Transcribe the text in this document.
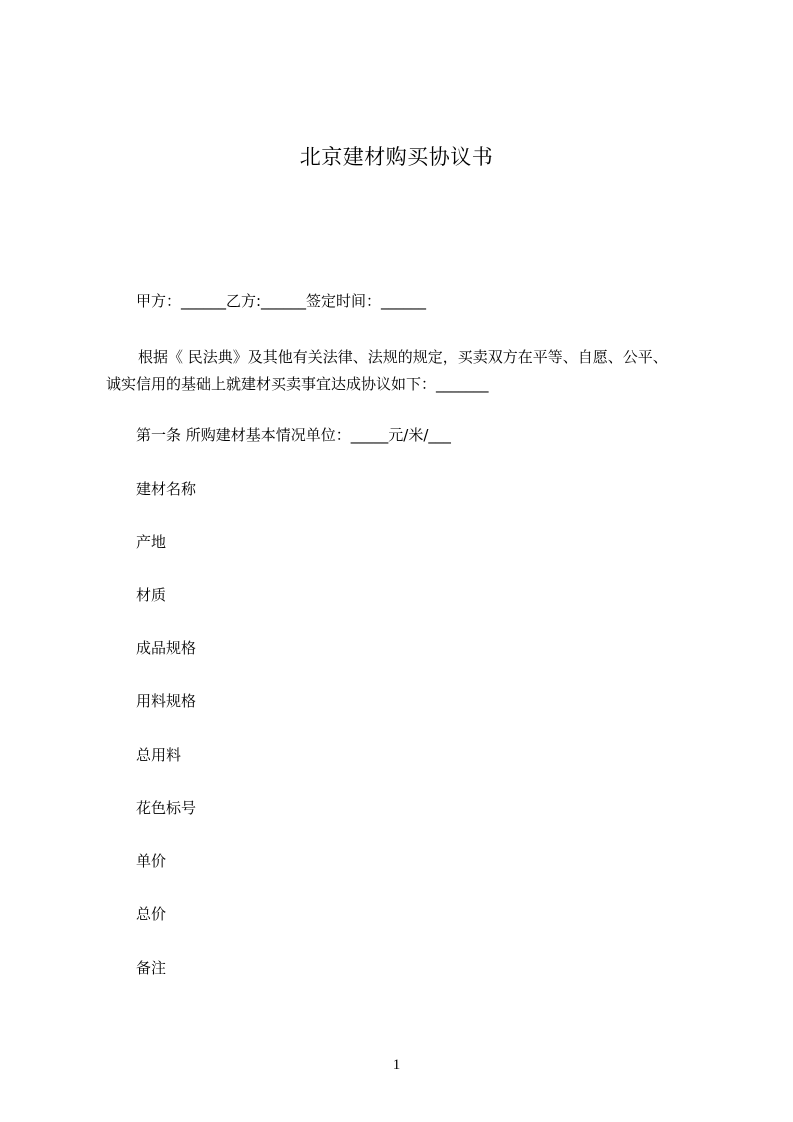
北京建材购买协议书
甲方：______乙方:______签定时间：______
根据《 民法典》及其他有关法律、法规的规定，买卖双方在平等、自愿、公平、
诚实信用的基础上就建材买卖事宜达成协议如下：_______
第一条 所购建材基本情况单位：_____元/米/___
建材名称
产地
材质
成品规格
用料规格
总用料
花色标号
单价
总价
备注
1
